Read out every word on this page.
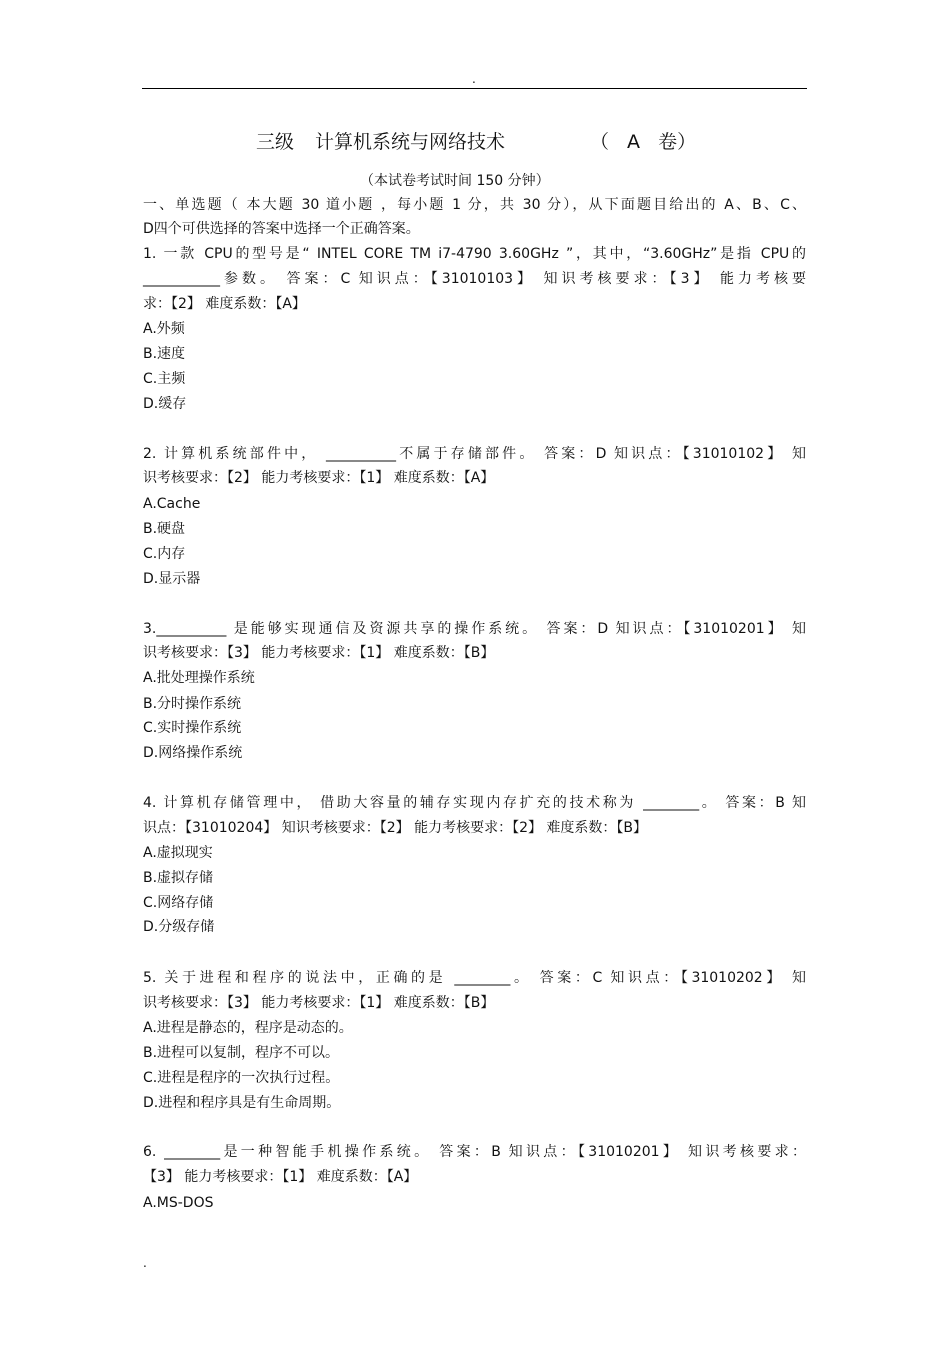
.
三级 计算机系统与网络技术	（ A 卷）
（本试卷考试时间 150 分钟）
一、单选题（ 本大题 30 道小题 ，每小题 1 分，共 30 分），从下面题目给出的 A、B、C、
D四个可供选择的答案中选择一个正确答案。
1. 一款 CPU的型号是“ INTEL CORE TM i7-4790 3.60GHz ”，其中，“3.60GHz”是指 CPU的
___________参数。 答案：C 知识点：【31010103】 知识考核要求：【3】 能力考核要
求：【2】 难度系数：【A】
A.外频
B.速度
C.主频
D.缓存
2. 计算机系统部件中， __________不属于存储部件。 答案：D 知识点：【31010102】 知
识考核要求：【2】 能力考核要求：【1】 难度系数：【A】
A.Cache
B.硬盘
C.内存
D.显示器
3.__________ 是能够实现通信及资源共享的操作系统。 答案：D 知识点：【31010201】 知
识考核要求：【3】 能力考核要求：【1】 难度系数：【B】
A.批处理操作系统
B.分时操作系统
C.实时操作系统
D.网络操作系统
4. 计算机存储管理中， 借助大容量的辅存实现内存扩充的技术称为 ________。 答案：B 知
识点：【31010204】 知识考核要求：【2】 能力考核要求：【2】 难度系数：【B】
A.虚拟现实
B.虚拟存储
C.网络存储
D.分级存储
5. 关于进程和程序的说法中，正确的是 ________。 答案：C 知识点：【31010202】 知
识考核要求：【3】 能力考核要求：【1】 难度系数：【B】
A.进程是静态的，程序是动态的。
B.进程可以复制，程序不可以。
C.进程是程序的一次执行过程。
D.进程和程序具是有生命周期。
6. ________是一种智能手机操作系统。 答案：B 知识点：【31010201】 知识考核要求：
【3】 能力考核要求：【1】 难度系数：【A】
A.MS-DOS
.
